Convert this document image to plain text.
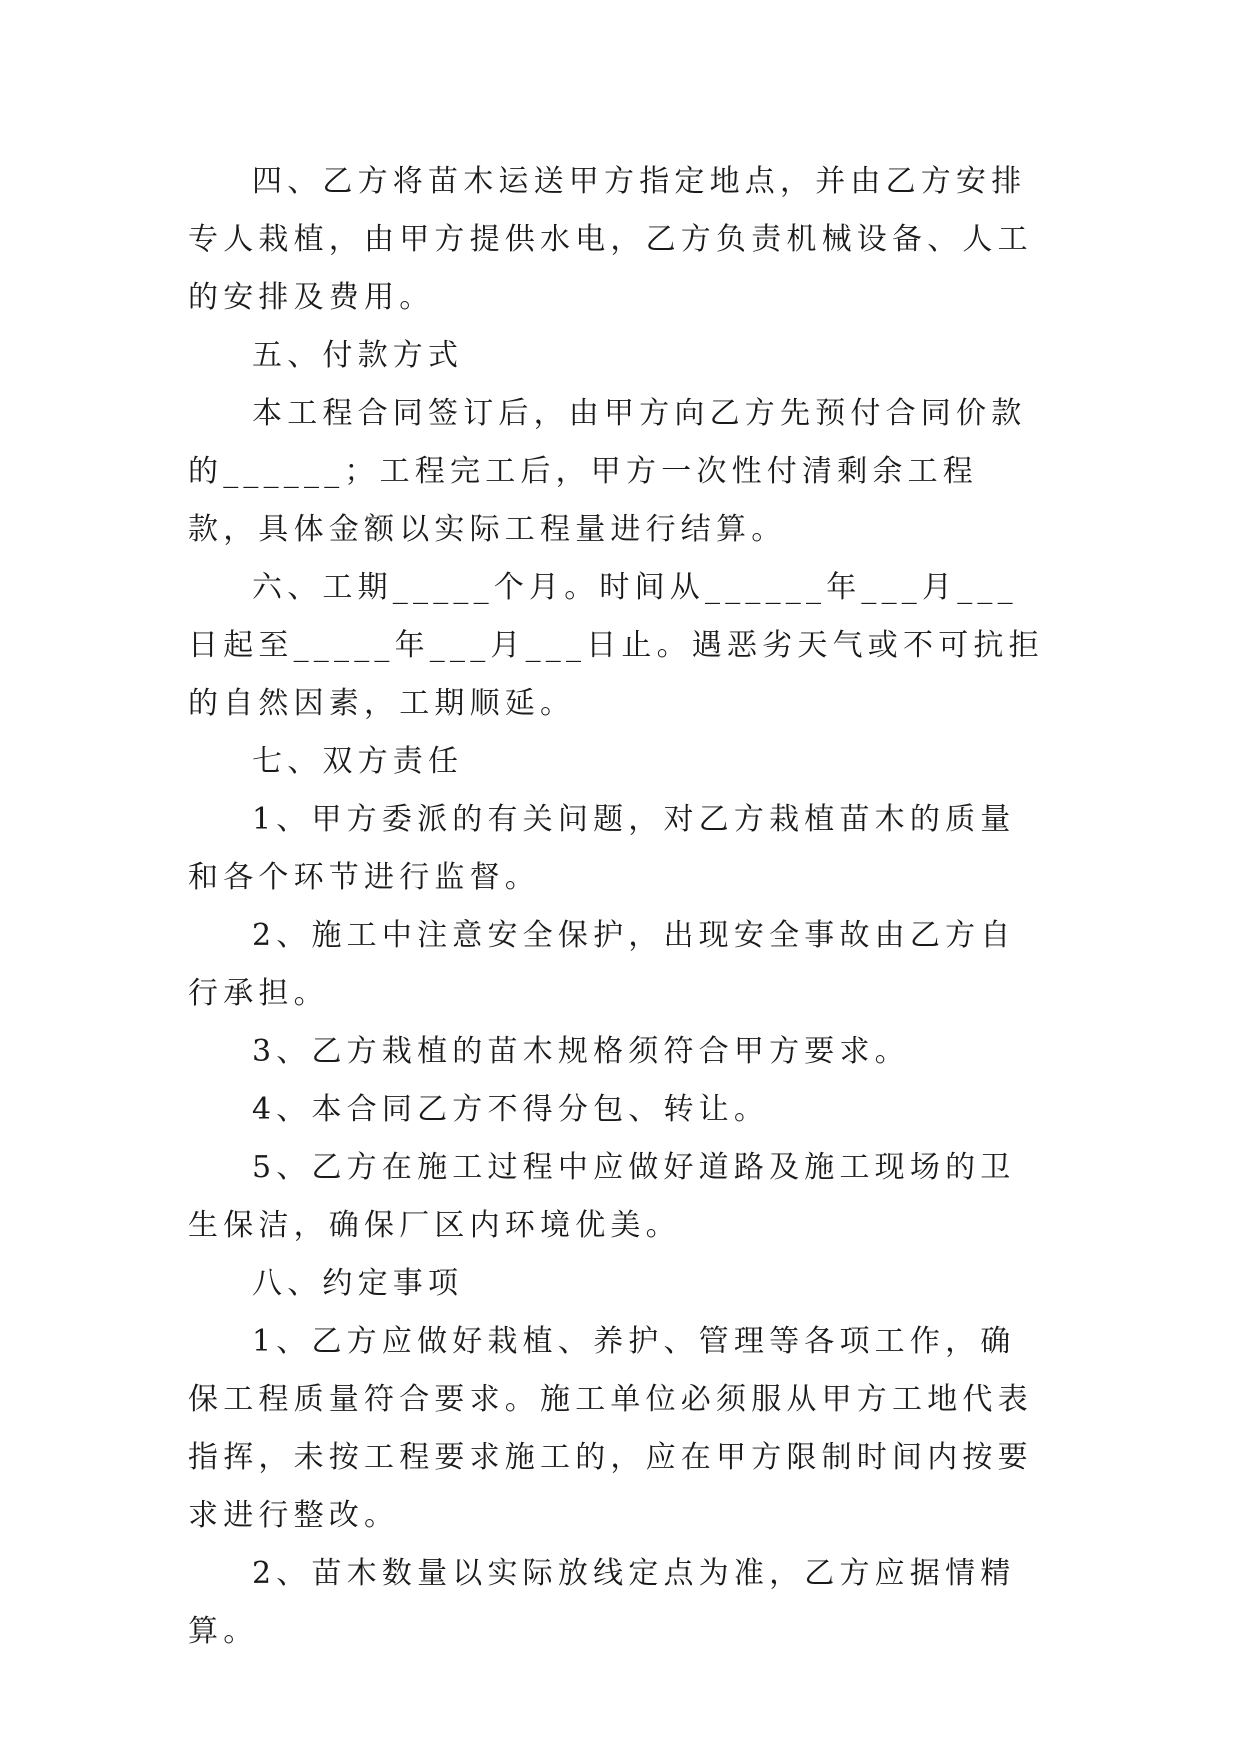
四、乙方将苗木运送甲方指定地点，并由乙方安排专人栽植，由甲方提供水电，乙方负责机械设备、人工的安排及费用。

五、付款方式

本工程合同签订后，由甲方向乙方先预付合同价款的______；工程完工后，甲方一次性付清剩余工程款，具体金额以实际工程量进行结算。

六、工期_____个月。时间从______年___月___日起至_____年___月___日止。遇恶劣天气或不可抗拒的自然因素，工期顺延。

七、双方责任

1、甲方委派的有关问题，对乙方栽植苗木的质量和各个环节进行监督。

2、施工中注意安全保护，出现安全事故由乙方自行承担。

3、乙方栽植的苗木规格须符合甲方要求。

4、本合同乙方不得分包、转让。

5、乙方在施工过程中应做好道路及施工现场的卫生保洁，确保厂区内环境优美。

八、约定事项

1、乙方应做好栽植、养护、管理等各项工作，确保工程质量符合要求。施工单位必须服从甲方工地代表指挥，未按工程要求施工的，应在甲方限制时间内按要求进行整改。

2、苗木数量以实际放线定点为准，乙方应据情精算。
